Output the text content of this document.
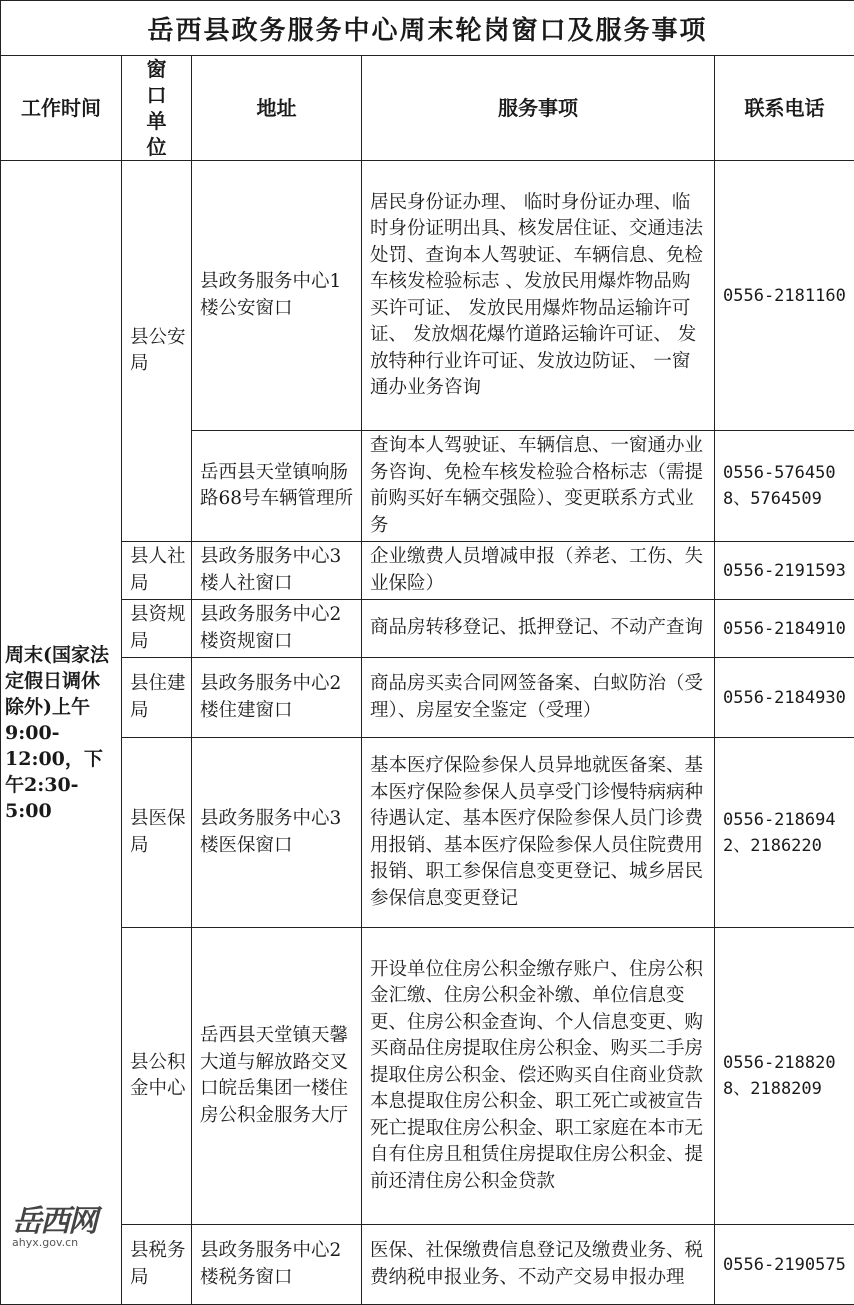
岳西县政务服务中心周末轮岗窗口及服务事项				
工作时间	窗口单位	地址	服务事项	联系电话
周末(国家法定假日调休除外)上午9:00-12:00，下午2:30-5:00	县公安局	县政务服务中心1楼公安窗口	居民身份证办理、 临时身份证办理、临时身份证明出具、核发居住证、交通违法处罚、查询本人驾驶证、车辆信息、免检车核发检验标志 、发放民用爆炸物品购买许可证、 发放民用爆炸物品运输许可证、 发放烟花爆竹道路运输许可证、 发放特种行业许可证、发放边防证、 一窗通办业务咨询	0556-2181160
		岳西县天堂镇响肠路68号车辆管理所	查询本人驾驶证、车辆信息、一窗通办业务咨询、免检车核发检验合格标志（需提前购买好车辆交强险）、变更联系方式业务	0556-5764508、5764509
	县人社局	县政务服务中心3楼人社窗口	企业缴费人员增减申报（养老、工伤、失业保险）	0556-2191593
	县资规局	县政务服务中心2楼资规窗口	商品房转移登记、抵押登记、不动产查询	0556-2184910
	县住建局	县政务服务中心2楼住建窗口	商品房买卖合同网签备案、白蚁防治（受理）、房屋安全鉴定（受理）	0556-2184930
	县医保局	县政务服务中心3楼医保窗口	基本医疗保险参保人员异地就医备案、基本医疗保险参保人员享受门诊慢特病病种待遇认定、基本医疗保险参保人员门诊费用报销、基本医疗保险参保人员住院费用报销、职工参保信息变更登记、城乡居民参保信息变更登记	0556-2186942、2186220
	县公积金中心	岳西县天堂镇天馨大道与解放路交叉口皖岳集团一楼住房公积金服务大厅	开设单位住房公积金缴存账户、住房公积金汇缴、住房公积金补缴、单位信息变更、住房公积金查询、个人信息变更、购买商品住房提取住房公积金、购买二手房提取住房公积金、偿还购买自住商业贷款本息提取住房公积金、职工死亡或被宣告死亡提取住房公积金、职工家庭在本市无自有住房且租赁住房提取住房公积金、提前还清住房公积金贷款	0556-2188208、2188209
	县税务局	县政务服务中心2楼税务窗口	医保、社保缴费信息登记及缴费业务、税费纳税申报业务、不动产交易申报办理	0556-2190575
岳西网
ahyx.gov.cn
